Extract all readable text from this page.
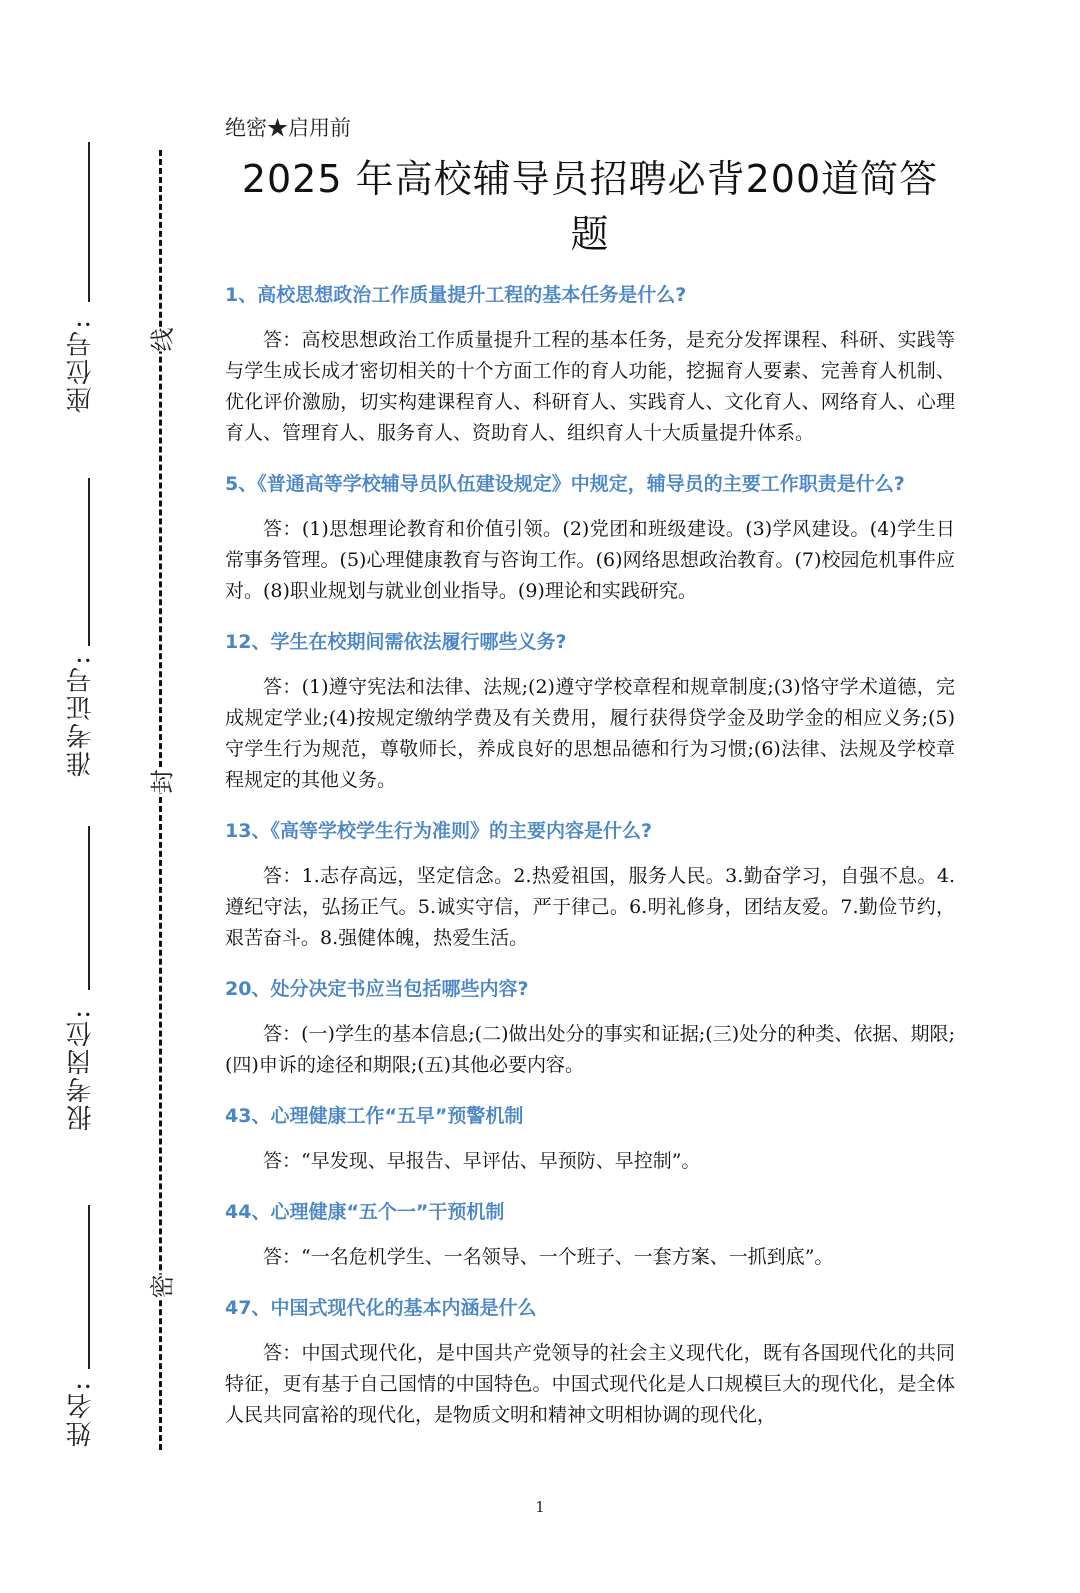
座位号:
准考证号:
报考岗位:
姓名:
线
封
密
绝密★启用前
2025 年高校辅导员招聘必背200道简答题
1、高校思想政治工作质量提升工程的基本任务是什么?

答：高校思想政治工作质量提升工程的基本任务，是充分发挥课程、科研、实践等与学生成长成才密切相关的十个方面工作的育人功能，挖掘育人要素、完善育人机制、优化评价激励，切实构建课程育人、科研育人、实践育人、文化育人、网络育人、心理育人、管理育人、服务育人、资助育人、组织育人十大质量提升体系。

5、《普通高等学校辅导员队伍建设规定》中规定，辅导员的主要工作职责是什么?

答：(1)思想理论教育和价值引领。(2)党团和班级建设。(3)学风建设。(4)学生日常事务管理。(5)心理健康教育与咨询工作。(6)网络思想政治教育。(7)校园危机事件应对。(8)职业规划与就业创业指导。(9)理论和实践研究。

12、学生在校期间需依法履行哪些义务?

答：(1)遵守宪法和法律、法规;(2)遵守学校章程和规章制度;(3)恪守学术道德，完成规定学业;(4)按规定缴纳学费及有关费用，履行获得贷学金及助学金的相应义务;(5)守学生行为规范，尊敬师长，养成良好的思想品德和行为习惯;(6)法律、法规及学校章程规定的其他义务。

13、《高等学校学生行为准则》的主要内容是什么?

答：1.志存高远，坚定信念。2.热爱祖国，服务人民。3.勤奋学习，自强不息。4.遵纪守法，弘扬正气。5.诚实守信，严于律己。6.明礼修身，团结友爱。7.勤俭节约，艰苦奋斗。8.强健体魄，热爱生活。

20、处分决定书应当包括哪些内容?

答：(一)学生的基本信息;(二)做出处分的事实和证据;(三)处分的种类、依据、期限;(四)申诉的途径和期限;(五)其他必要内容。

43、心理健康工作“五早”预警机制

答：“早发现、早报告、早评估、早预防、早控制”。

44、心理健康“五个一”干预机制

答：“一名危机学生、一名领导、一个班子、一套方案、一抓到底”。

47、中国式现代化的基本内涵是什么

答：中国式现代化，是中国共产党领导的社会主义现代化，既有各国现代化的共同特征，更有基于自己国情的中国特色。中国式现代化是人口规模巨大的现代化，是全体人民共同富裕的现代化，是物质文明和精神文明相协调的现代化，

1
